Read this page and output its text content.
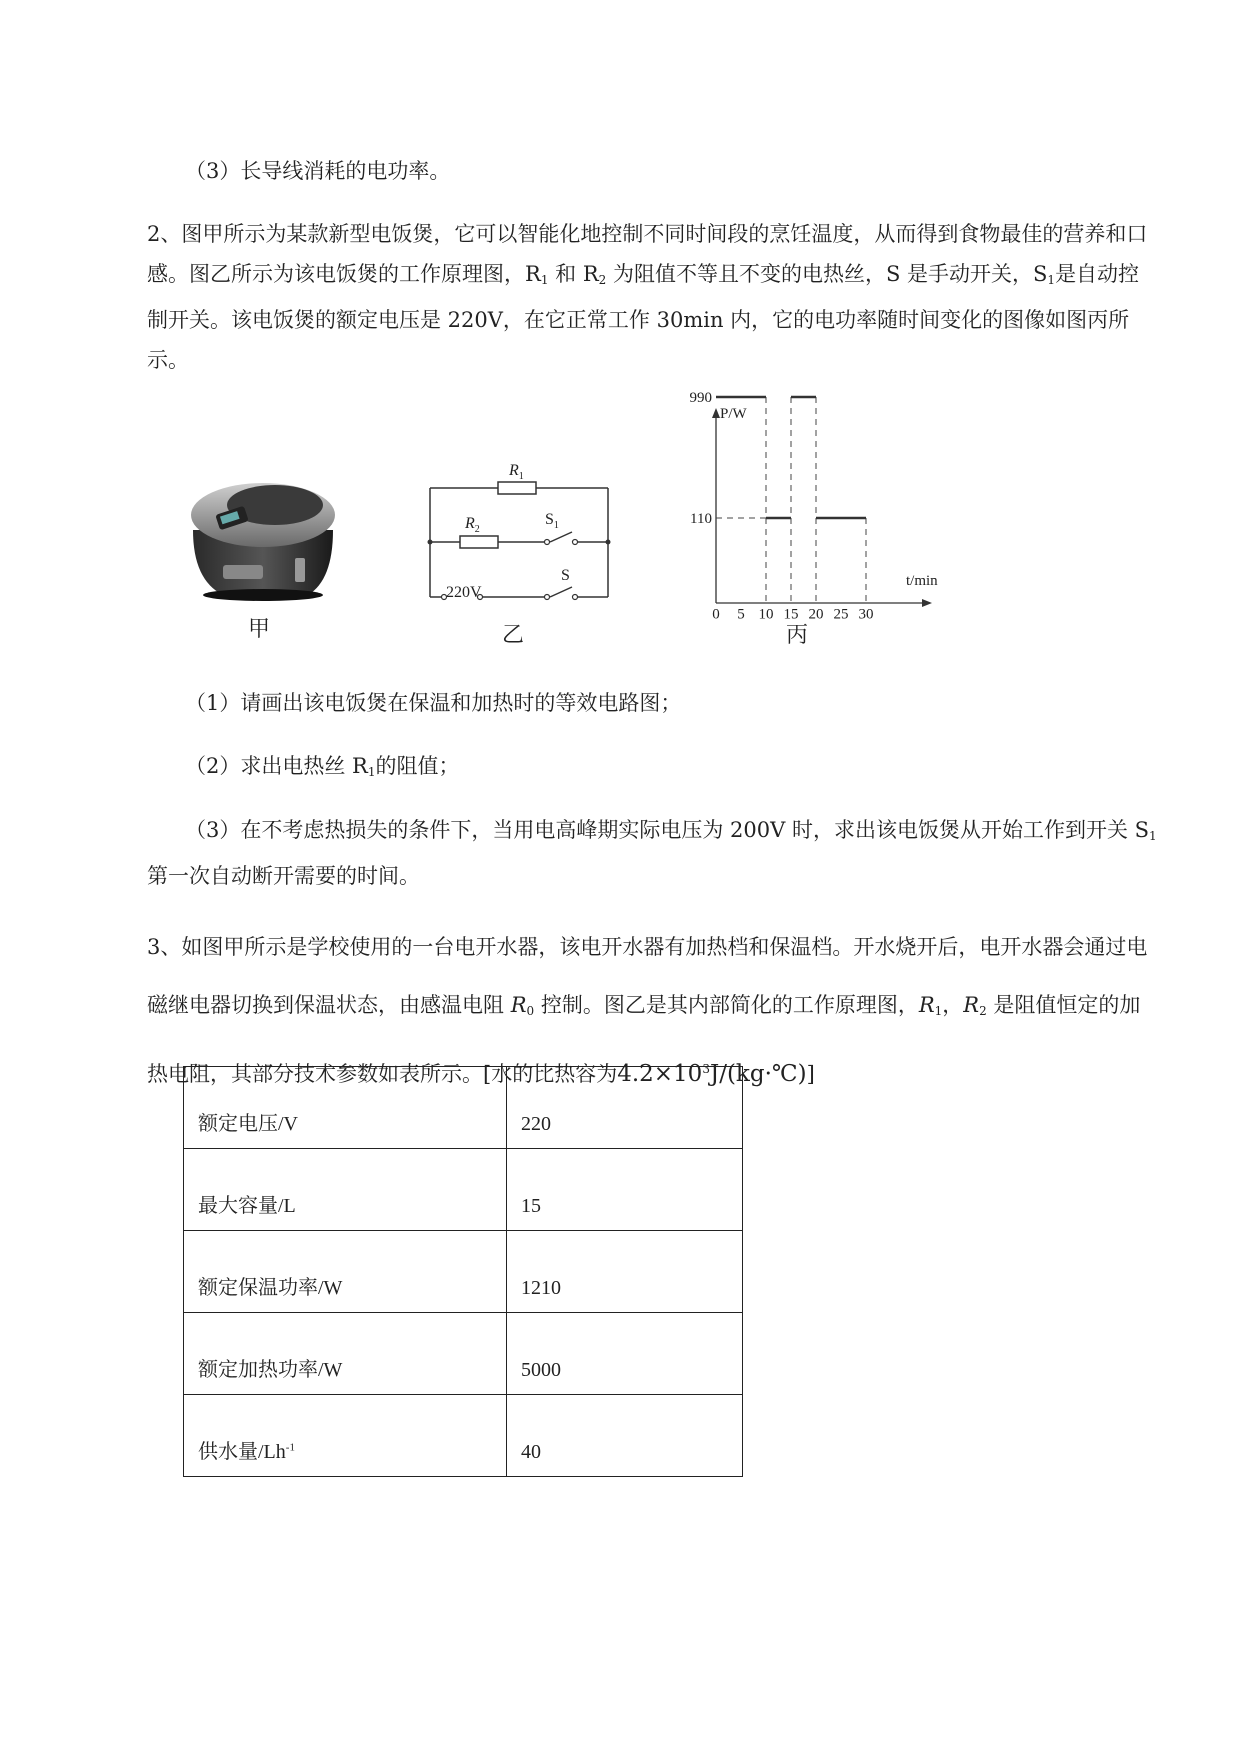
（3）长导线消耗的电功率。

2、图甲所示为某款新型电饭煲，它可以智能化地控制不同时间段的烹饪温度，从而得到食物最佳的营养和口感。图乙所示为该电饭煲的工作原理图，$R_1$ 和 $R_2$ 为阻值不等且不变的电热丝，S 是手动开关，$S_1$是自动控制开关。该电饭煲的额定电压是 220V，在它正常工作 30min 内，它的电功率随时间变化的图像如图丙所示。

甲
$R_1$
$R_2$
$S_1$
S
220V
乙
P/W
t/min
0 5 10 15 20 25 30
110
990
丙

（1）请画出该电饭煲在保温和加热时的等效电路图；

（2）求出电热丝 $R_1$的阻值；

（3）在不考虑热损失的条件下，当用电高峰期实际电压为 200V 时，求出该电饭煲从开始工作到开关 $S_1$第一次自动断开需要的时间。

3、如图甲所示是学校使用的一台电开水器，该电开水器有加热档和保温档。开水烧开后，电开水器会通过电磁继电器切换到保温状态，由感温电阻 $R_0$ 控制。图乙是其内部简化的工作原理图，$R_1$，$R_2$ 是阻值恒定的加热电阻，其部分技术参数如表所示。[水的比热容为$4.2\times 10^3J/(kg\cdot℃)$]

额定电压/V	220
最大容量/L	15
额定保温功率/W	1210
额定加热功率/W	5000
供水量$/Lh^{-1}$	40
